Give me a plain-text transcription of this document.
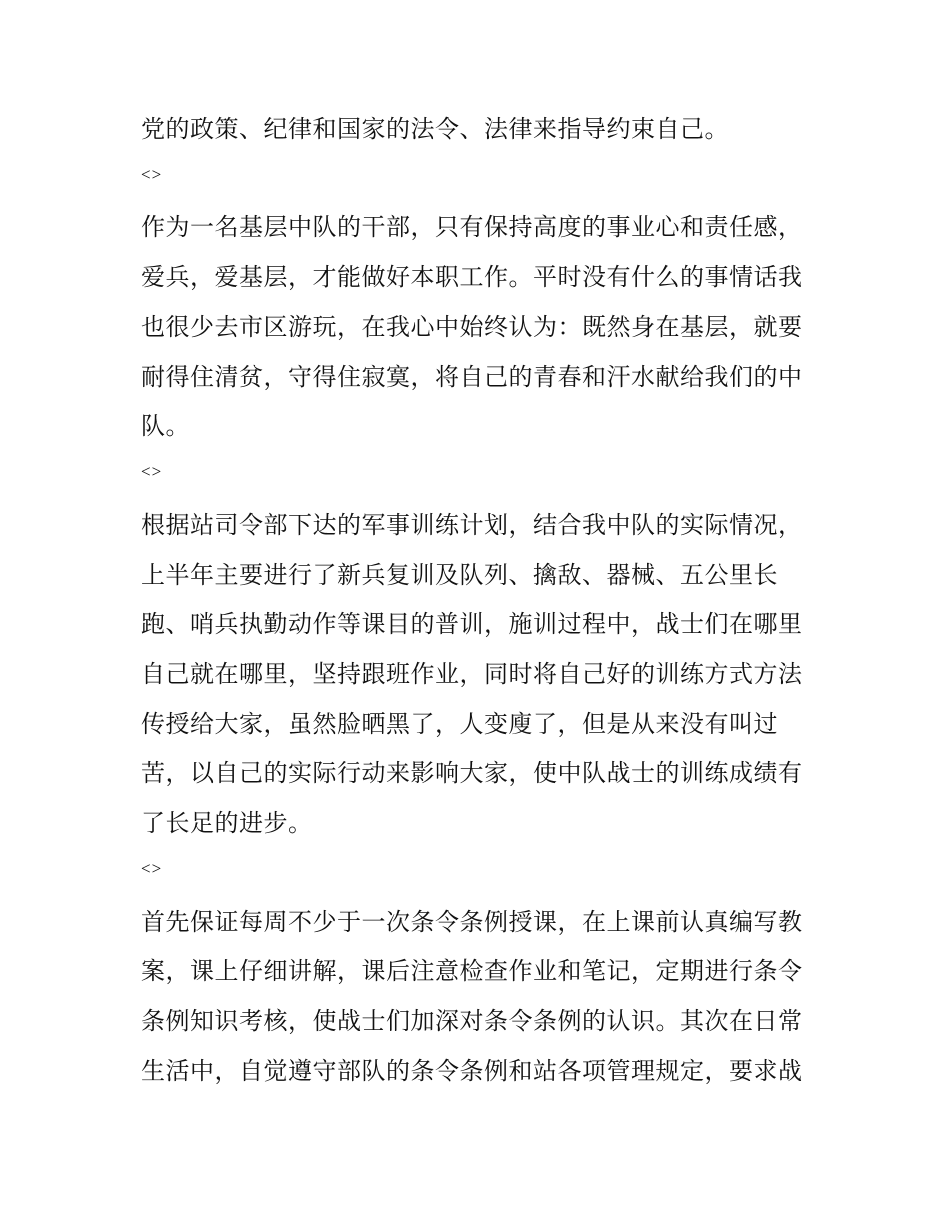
党的政策、纪律和国家的法令、法律来指导约束自己。
<>
作为一名基层中队的干部，只有保持高度的事业心和责任感，
爱兵，爱基层，才能做好本职工作。平时没有什么的事情话我
也很少去市区游玩，在我心中始终认为：既然身在基层，就要
耐得住清贫，守得住寂寞，将自己的青春和汗水献给我们的中
队。
<>
根据站司令部下达的军事训练计划，结合我中队的实际情况，
上半年主要进行了新兵复训及队列、擒敌、器械、五公里长
跑、哨兵执勤动作等课目的普训，施训过程中，战士们在哪里
自己就在哪里，坚持跟班作业，同时将自己好的训练方式方法
传授给大家，虽然脸晒黑了，人变廋了，但是从来没有叫过
苦，以自己的实际行动来影响大家，使中队战士的训练成绩有
了长足的进步。
<>
首先保证每周不少于一次条令条例授课，在上课前认真编写教
案，课上仔细讲解，课后注意检查作业和笔记，定期进行条令
条例知识考核，使战士们加深对条令条例的认识。其次在日常
生活中，自觉遵守部队的条令条例和站各项管理规定，要求战
